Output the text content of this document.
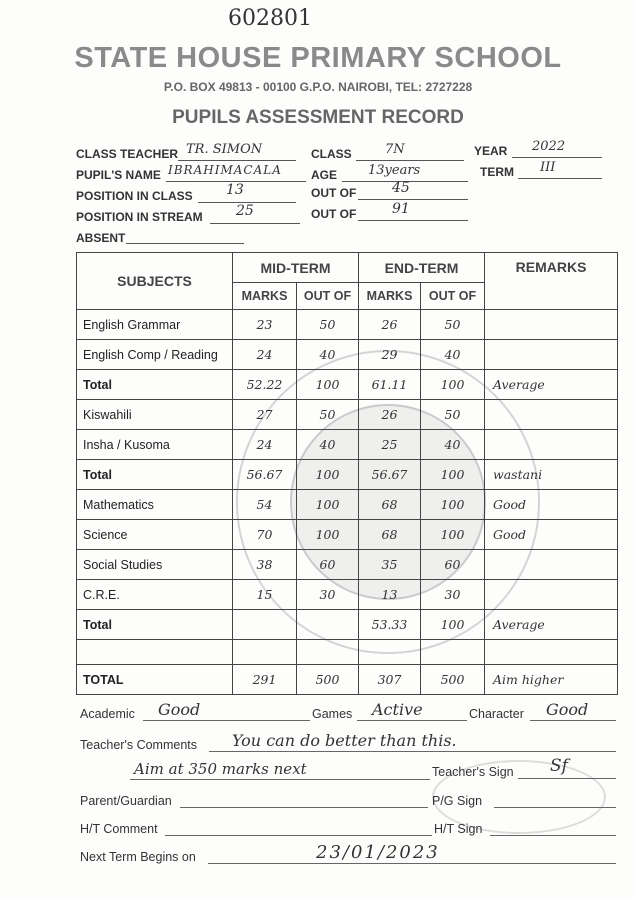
602801
STATE HOUSE PRIMARY SCHOOL
P.O. BOX 49813 - 00100 G.P.O. NAIROBI, TEL: 2727228
PUPILS ASSESSMENT RECORD
CLASS TEACHER TR. SIMON	CLASS	7N	YEAR 2022
PUPIL'S NAME IBRAHIMACALA AGE 13years	TERM III
POSITION IN CLASS 13	OUT OF	45
POSITION IN STREAM 25	OUT OF	91
ABSENT
SUBJECTS	MID-TERM		END-TERM		REMARKS
	MARKS	OUT OF	MARKS	OUT OF	
English Grammar	23	50	26	50	
English Comp / Reading	24	40	29	40	
Total	52.22	100	61.11	100	Average
Kiswahili	27	50	26	50	
Insha / Kusoma	24	40	25	40	
Total	56.67	100	56.67	100	wastani
Mathematics	54	100	68	100	Good
Science	70	100	68	100	Good
Social Studies	38	60	35	60	
C.R.E.	15	30	13	30	
Total			53.33	100	Average

TOTAL	291	500	307	500	Aim higher
Academic Good	Games Active	Character Good
Teacher's Comments You can do better than this.
Aim at 350 marks next	Teacher's Sign Sf
Parent/Guardian	P/G Sign
H/T Comment	H/T Sign
Next Term Begins on	23/01/2023
